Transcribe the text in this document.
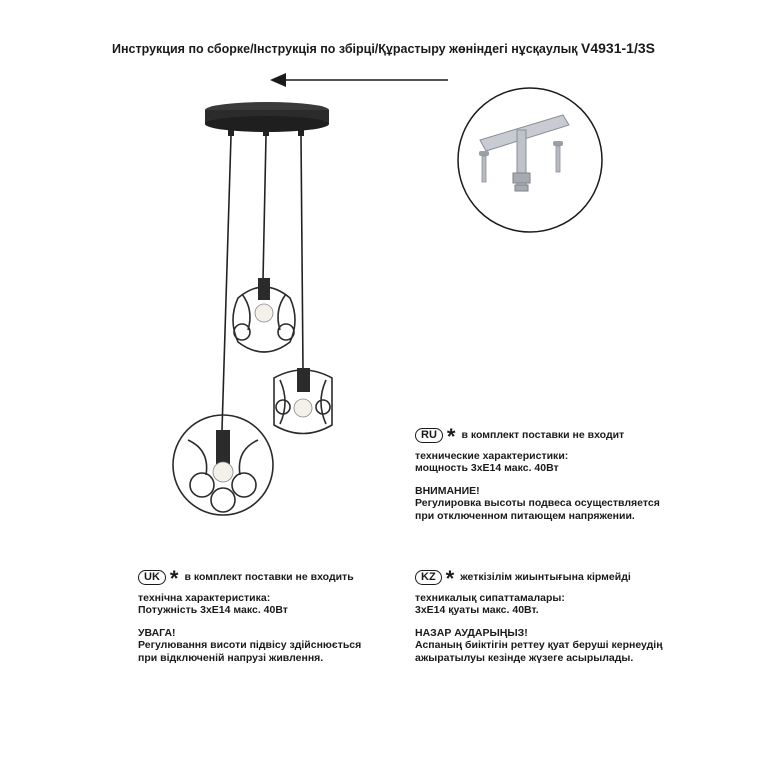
Инструкция по сборке/Інструкція по збірці/Құрастыру жөніндегі нұсқаулық V4931-1/3S
RU * в комплект поставки не входит

технические характеристики:

мощность 3хЕ14 макс. 40Вт

ВНИМАНИЕ!

Регулировка высоты подвеса осуществляется

при отключенном питающем напряжении.

UK * в комплект поставки не входить

технічна характеристика:

Потужність 3хЕ14 макс. 40Вт

УВАГА!

Регулювання висоти підвісу здійснюється

при відключеній напрузі живлення.

KZ * жеткізілім жиынтығына кірмейді

техникалық сипаттамалары:

3хЕ14 қуаты макс. 40Вт.

НАЗАР АУДАРЫҢЫЗ!

Аспаның биіктігін реттеу қуат беруші кернеудің

ажыратылуы кезінде жүзеге асырылады.
